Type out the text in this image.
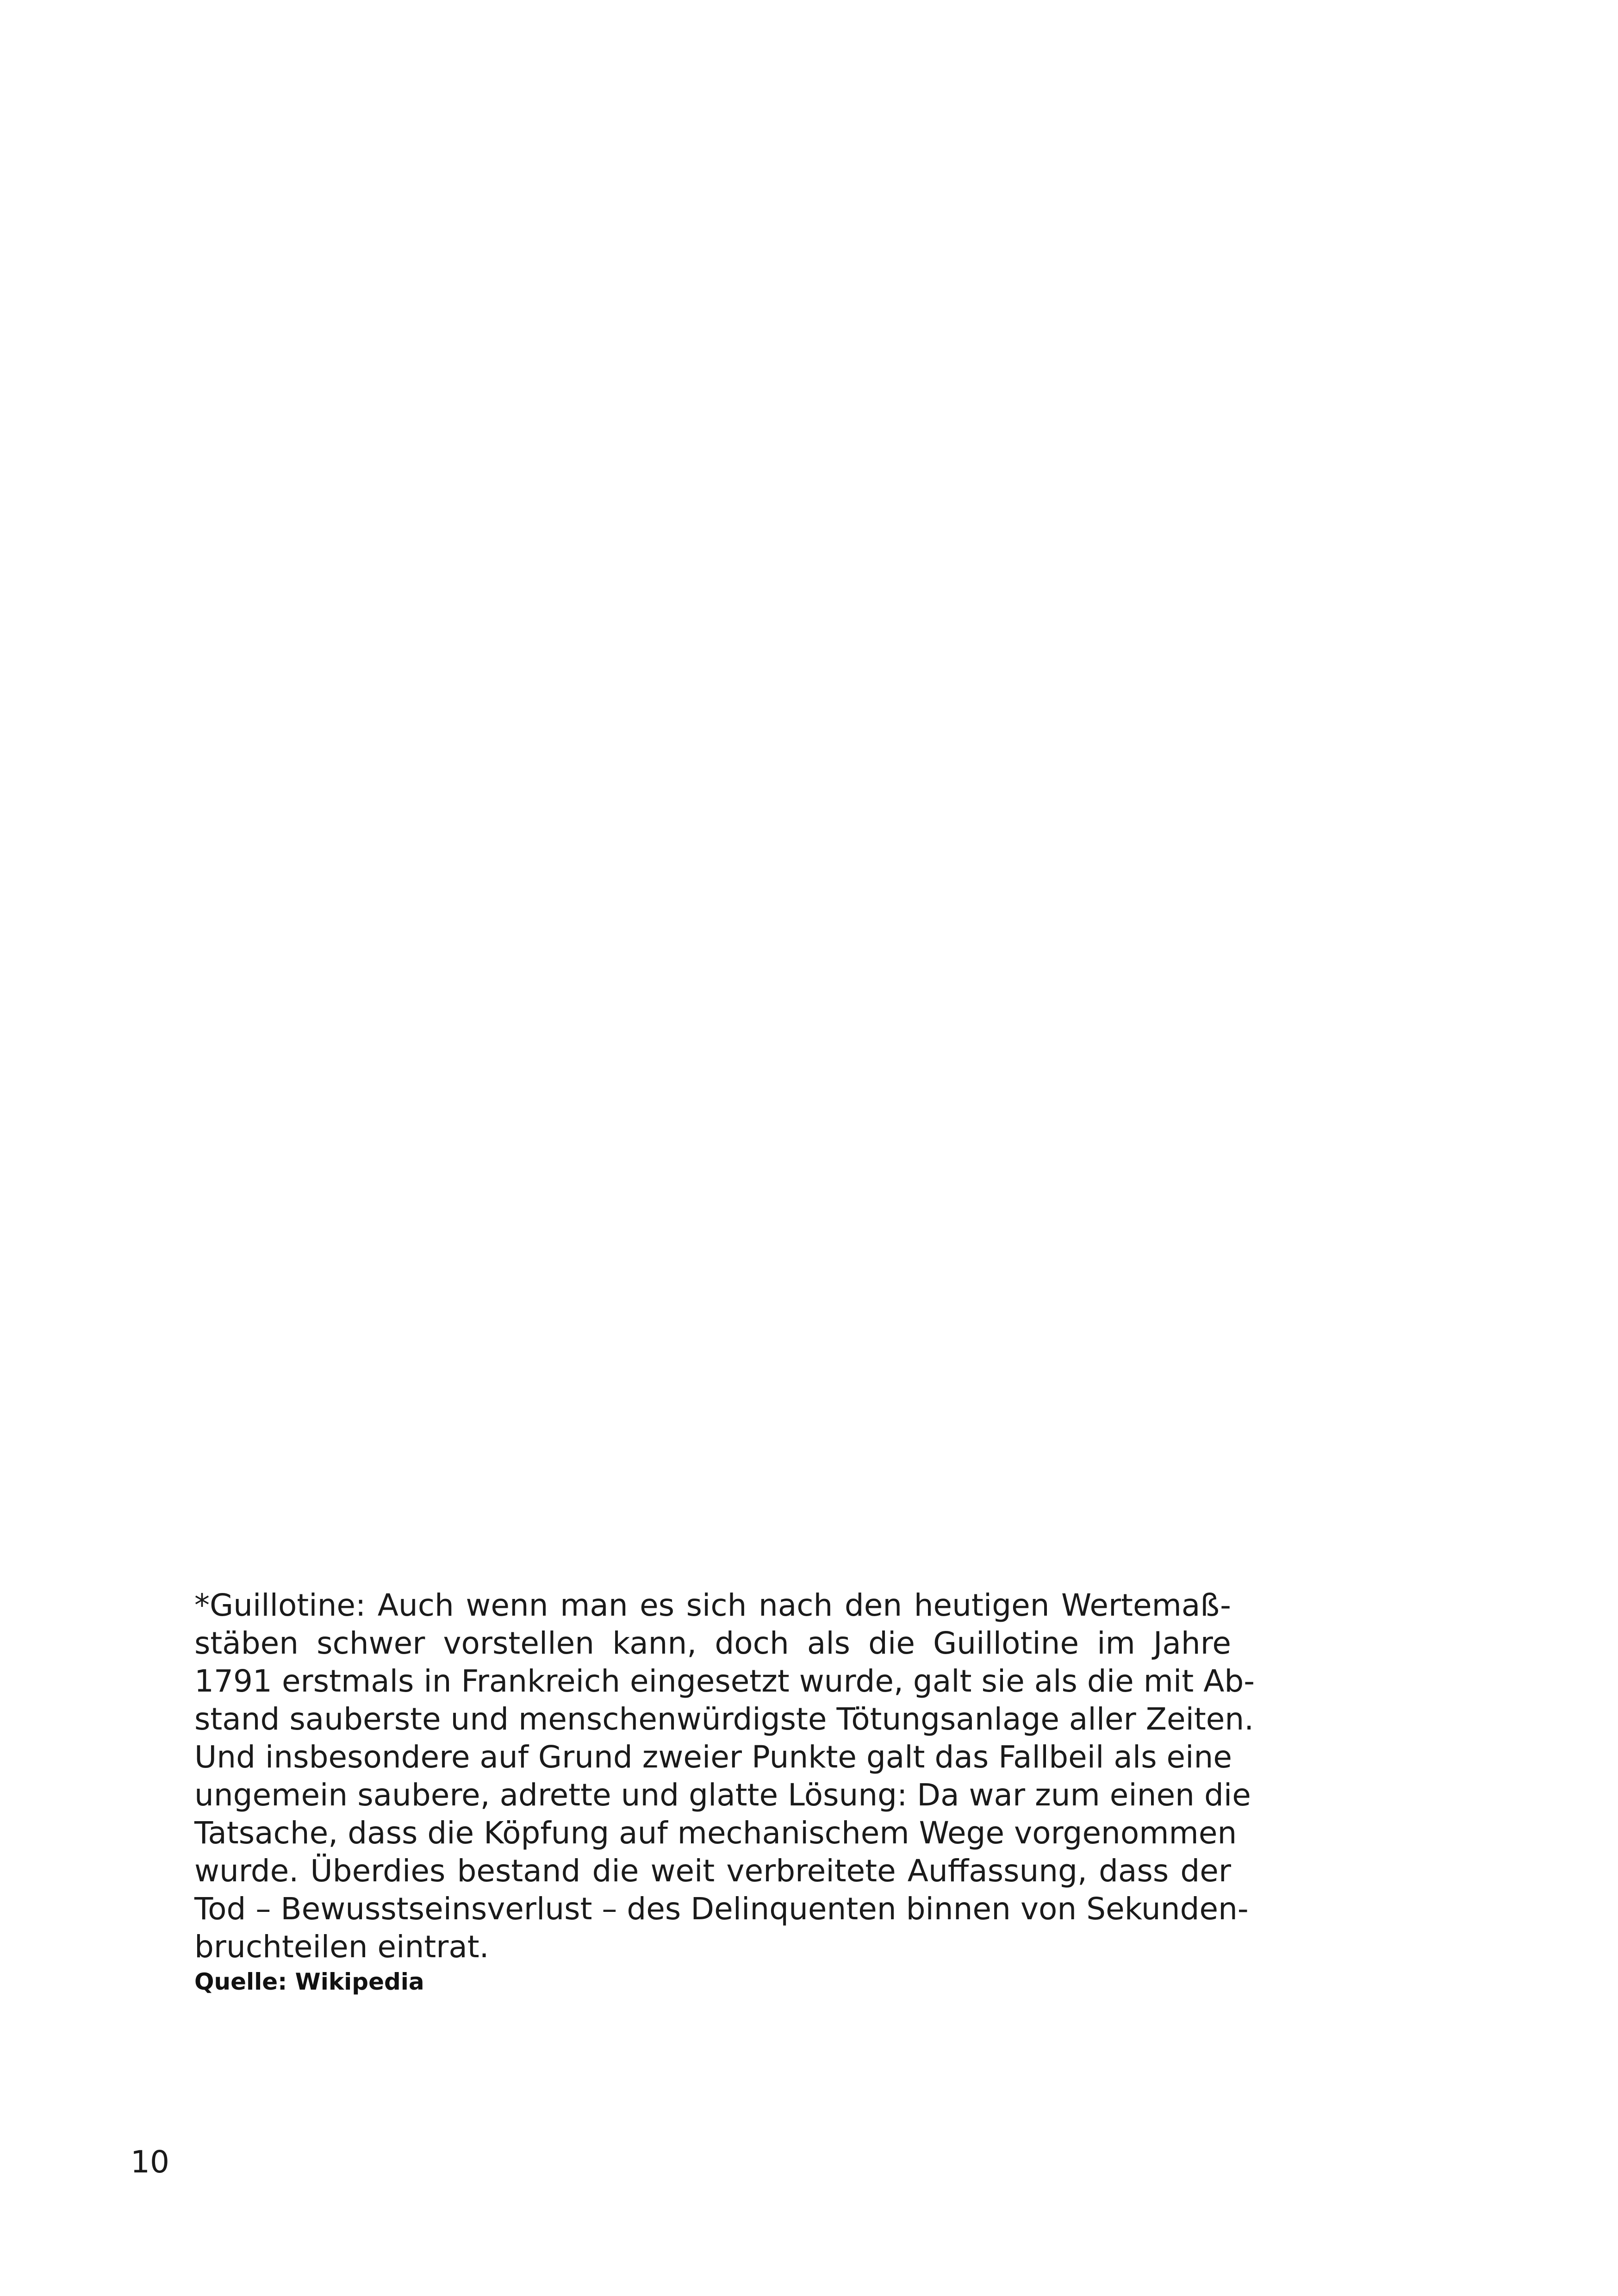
*Guillotine: Auch wenn man es sich nach den heutigen Wertemaß-
stäben schwer vorstellen kann, doch als die Guillotine im Jahre
1791 erstmals in Frankreich eingesetzt wurde, galt sie als die mit Ab-
stand sauberste und menschenwürdigste Tötungsanlage aller Zeiten.
Und insbesondere auf Grund zweier Punkte galt das Fallbeil als eine
ungemein saubere, adrette und glatte Lösung: Da war zum einen die
Tatsache, dass die Köpfung auf mechanischem Wege vorgenommen
wurde. Überdies bestand die weit verbreitete Auffassung, dass der
Tod – Bewusstseinsverlust – des Delinquenten binnen von Sekunden-
bruchteilen eintrat.
Quelle: Wikipedia
10
